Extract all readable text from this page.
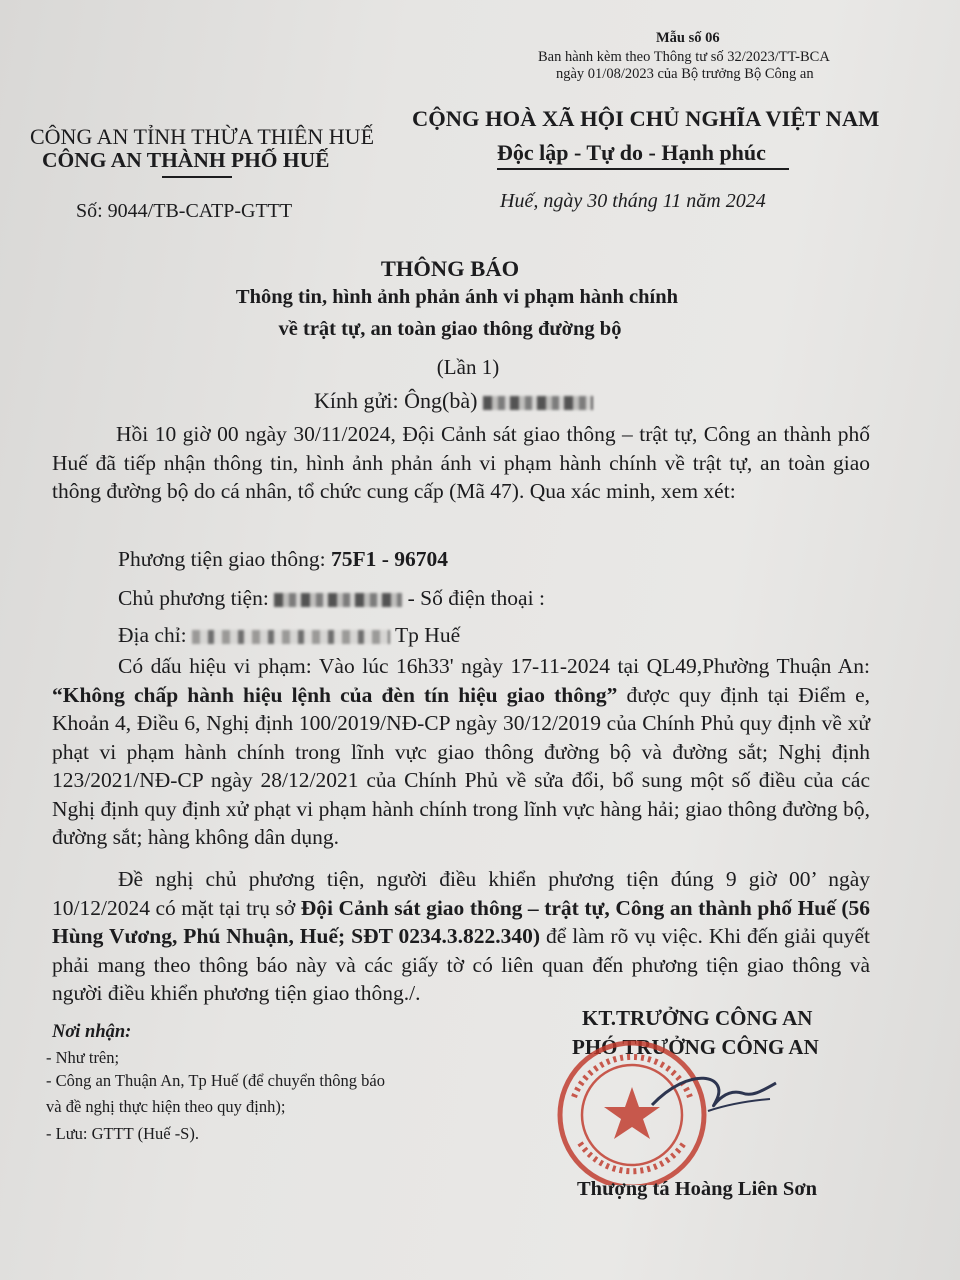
Mẫu số 06
Ban hành kèm theo Thông tư số 32/2023/TT-BCA
ngày 01/08/2023 của Bộ trưởng Bộ Công an
CÔNG AN TỈNH THỪA THIÊN HUẾ
CÔNG AN THÀNH PHỐ HUẾ
Số: 9044/TB-CATP-GTTT
CỘNG HOÀ XÃ HỘI CHỦ NGHĨA VIỆT NAM
Độc lập - Tự do - Hạnh phúc
Huế, ngày 30 tháng 11 năm 2024
THÔNG BÁO
Thông tin, hình ảnh phản ánh vi phạm hành chính
về trật tự, an toàn giao thông đường bộ
(Lần 1)
Kính gửi: Ông(bà)
Hồi 10 giờ 00 ngày 30/11/2024, Đội Cảnh sát giao thông – trật tự, Công an thành phố Huế đã tiếp nhận thông tin, hình ảnh phản ánh vi phạm hành chính về trật tự, an toàn giao thông đường bộ do cá nhân, tổ chức cung cấp (Mã 47). Qua xác minh, xem xét:
Phương tiện giao thông: 75F1 - 96704
Chủ phương tiện:	- Số điện thoại :
Địa chỉ:	Tp Huế
Có dấu hiệu vi phạm: Vào lúc 16h33' ngày 17-11-2024 tại QL49,Phường Thuận An: “Không chấp hành hiệu lệnh của đèn tín hiệu giao thông” được quy định tại Điểm e, Khoản 4, Điều 6, Nghị định 100/2019/NĐ-CP ngày 30/12/2019 của Chính Phủ quy định về xử phạt vi phạm hành chính trong lĩnh vực giao thông đường bộ và đường sắt; Nghị định 123/2021/NĐ-CP ngày 28/12/2021 của Chính Phủ về sửa đổi, bổ sung một số điều của các Nghị định quy định xử phạt vi phạm hành chính trong lĩnh vực hàng hải; giao thông đường bộ, đường sắt; hàng không dân dụng.
Đề nghị chủ phương tiện, người điều khiển phương tiện đúng 9 giờ 00’ ngày 10/12/2024 có mặt tại trụ sở Đội Cảnh sát giao thông – trật tự, Công an thành phố Huế (56 Hùng Vương, Phú Nhuận, Huế; SĐT 0234.3.822.340) để làm rõ vụ việc. Khi đến giải quyết phải mang theo thông báo này và các giấy tờ có liên quan đến phương tiện giao thông và người điều khiển phương tiện giao thông./.
Nơi nhận:
- Như trên;
- Công an Thuận An, Tp Huế (để chuyển thông báo
và đề nghị thực hiện theo quy định);
- Lưu: GTTT (Huế -S).
KT.TRƯỞNG CÔNG AN
PHÓ TRƯỞNG CÔNG AN
Thượng tá Hoàng Liên Sơn
